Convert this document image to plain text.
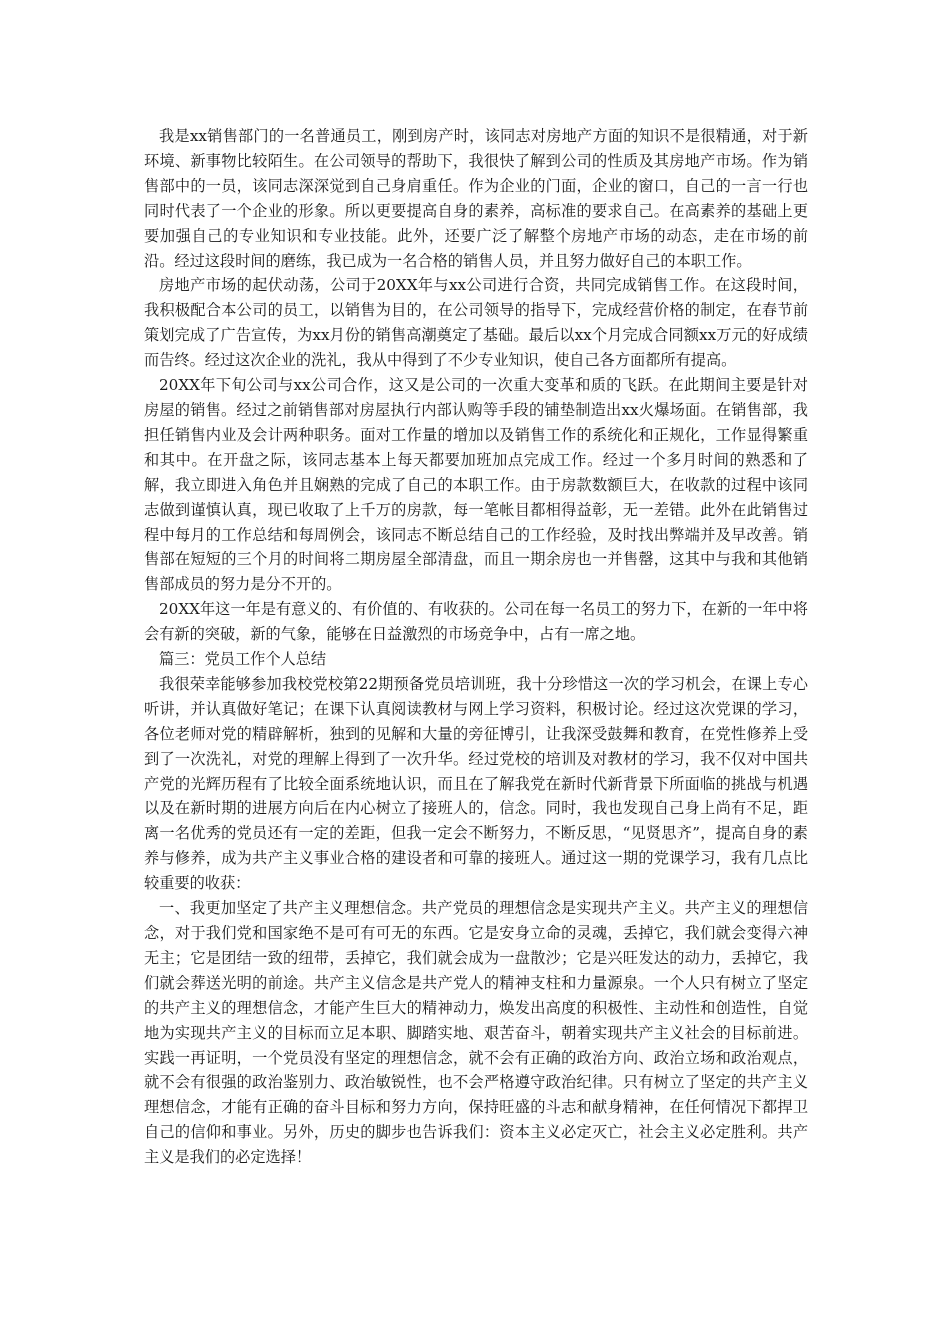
我是xx销售部门的一名普通员工，刚到房产时，该同志对房地产方面的知识不是很精通，对于新环境、新事物比较陌生。在公司领导的帮助下，我很快了解到公司的性质及其房地产市场。作为销售部中的一员，该同志深深觉到自己身肩重任。作为企业的门面，企业的窗口，自己的一言一行也同时代表了一个企业的形象。所以更要提高自身的素养，高标准的要求自己。在高素养的基础上更要加强自己的专业知识和专业技能。此外，还要广泛了解整个房地产市场的动态，走在市场的前沿。经过这段时间的磨练，我已成为一名合格的销售人员，并且努力做好自己的本职工作。

房地产市场的起伏动荡，公司于20XX年与xx公司进行合资，共同完成销售工作。在这段时间，我积极配合本公司的员工，以销售为目的，在公司领导的指导下，完成经营价格的制定，在春节前策划完成了广告宣传，为xx月份的销售高潮奠定了基础。最后以xx个月完成合同额xx万元的好成绩而告终。经过这次企业的洗礼，我从中得到了不少专业知识，使自己各方面都所有提高。

20XX年下旬公司与xx公司合作，这又是公司的一次重大变革和质的飞跃。在此期间主要是针对房屋的销售。经过之前销售部对房屋执行内部认购等手段的铺垫制造出xx火爆场面。在销售部，我担任销售内业及会计两种职务。面对工作量的增加以及销售工作的系统化和正规化，工作显得繁重和其中。在开盘之际，该同志基本上每天都要加班加点完成工作。经过一个多月时间的熟悉和了解，我立即进入角色并且娴熟的完成了自己的本职工作。由于房款数额巨大，在收款的过程中该同志做到谨慎认真，现已收取了上千万的房款，每一笔帐目都相得益彰，无一差错。此外在此销售过程中每月的工作总结和每周例会，该同志不断总结自己的工作经验，及时找出弊端并及早改善。销售部在短短的三个月的时间将二期房屋全部清盘，而且一期余房也一并售罄，这其中与我和其他销售部成员的努力是分不开的。

20XX年这一年是有意义的、有价值的、有收获的。公司在每一名员工的努力下，在新的一年中将会有新的突破，新的气象，能够在日益激烈的市场竞争中，占有一席之地。

篇三：党员工作个人总结

我很荣幸能够参加我校党校第22期预备党员培训班，我十分珍惜这一次的学习机会，在课上专心听讲，并认真做好笔记；在课下认真阅读教材与网上学习资料，积极讨论。经过这次党课的学习，各位老师对党的精辟解析，独到的见解和大量的旁征博引，让我深受鼓舞和教育，在党性修养上受到了一次洗礼，对党的理解上得到了一次升华。经过党校的培训及对教材的学习，我不仅对中国共产党的光辉历程有了比较全面系统地认识，而且在了解我党在新时代新背景下所面临的挑战与机遇以及在新时期的进展方向后在内心树立了接班人的，信念。同时，我也发现自己身上尚有不足，距离一名优秀的党员还有一定的差距，但我一定会不断努力，不断反思，“见贤思齐”，提高自身的素养与修养，成为共产主义事业合格的建设者和可靠的接班人。通过这一期的党课学习，我有几点比较重要的收获：

一、我更加坚定了共产主义理想信念。共产党员的理想信念是实现共产主义。共产主义的理想信念，对于我们党和国家绝不是可有可无的东西。它是安身立命的灵魂，丢掉它，我们就会变得六神无主；它是团结一致的纽带，丢掉它，我们就会成为一盘散沙；它是兴旺发达的动力，丢掉它，我们就会葬送光明的前途。共产主义信念是共产党人的精神支柱和力量源泉。一个人只有树立了坚定的共产主义的理想信念，才能产生巨大的精神动力，焕发出高度的积极性、主动性和创造性，自觉地为实现共产主义的目标而立足本职、脚踏实地、艰苦奋斗，朝着实现共产主义社会的目标前进。实践一再证明，一个党员没有坚定的理想信念，就不会有正确的政治方向、政治立场和政治观点，就不会有很强的政治鉴别力、政治敏锐性，也不会严格遵守政治纪律。只有树立了坚定的共产主义理想信念，才能有正确的奋斗目标和努力方向，保持旺盛的斗志和献身精神，在任何情况下都捍卫自己的信仰和事业。另外，历史的脚步也告诉我们：资本主义必定灭亡，社会主义必定胜利。共产主义是我们的必定选择！
